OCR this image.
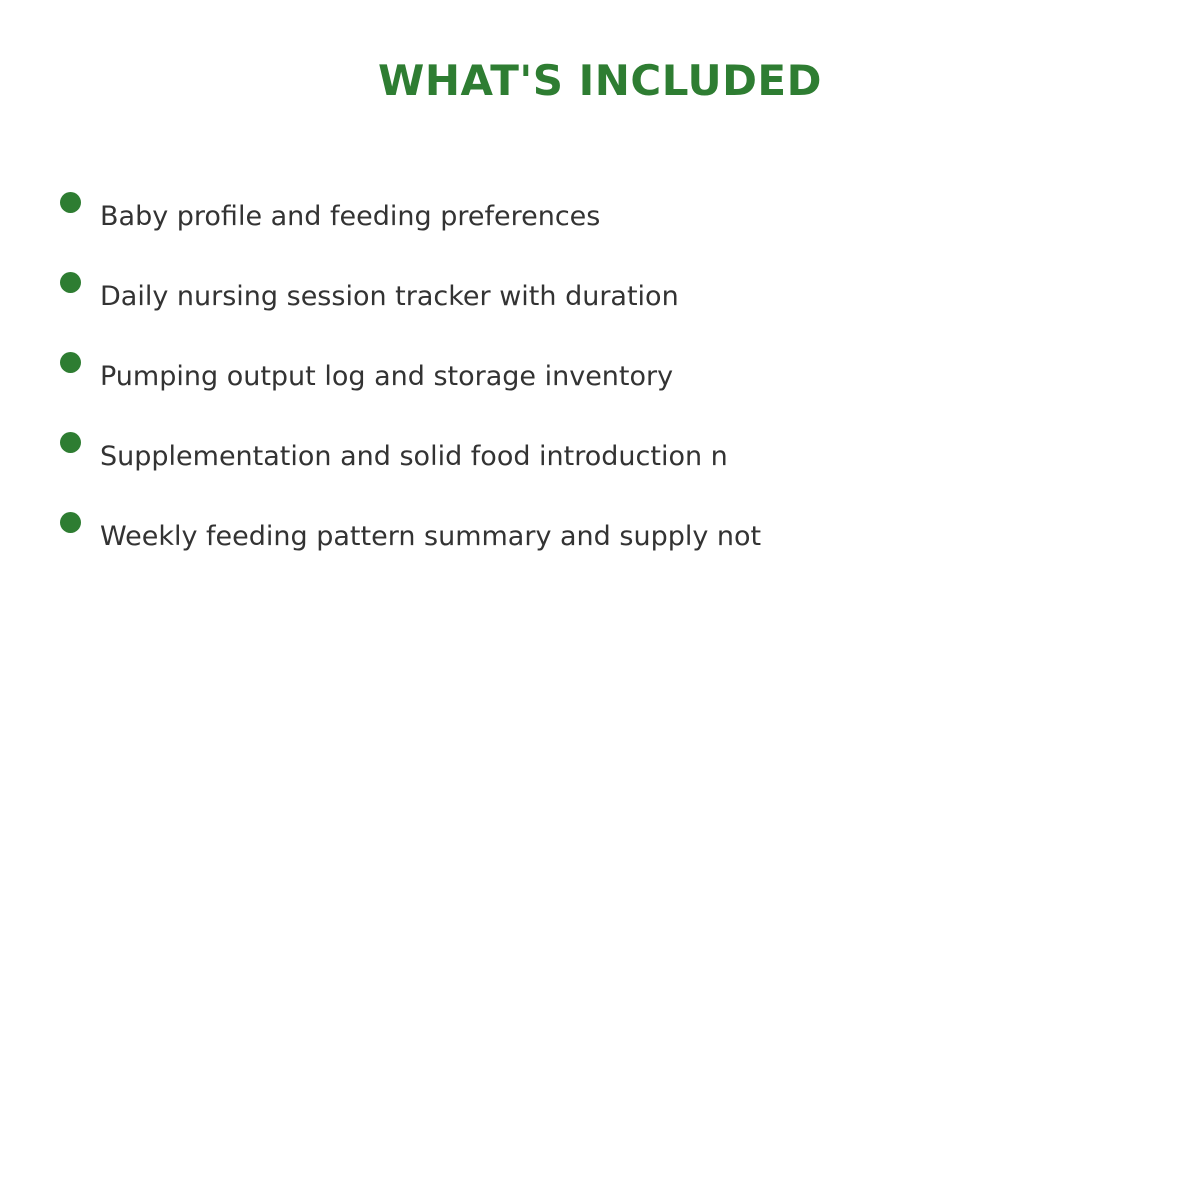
WHAT'S INCLUDED
Baby profile and feeding preferences
Daily nursing session tracker with duration
Pumping output log and storage inventory
Supplementation and solid food introduction n
Weekly feeding pattern summary and supply not
